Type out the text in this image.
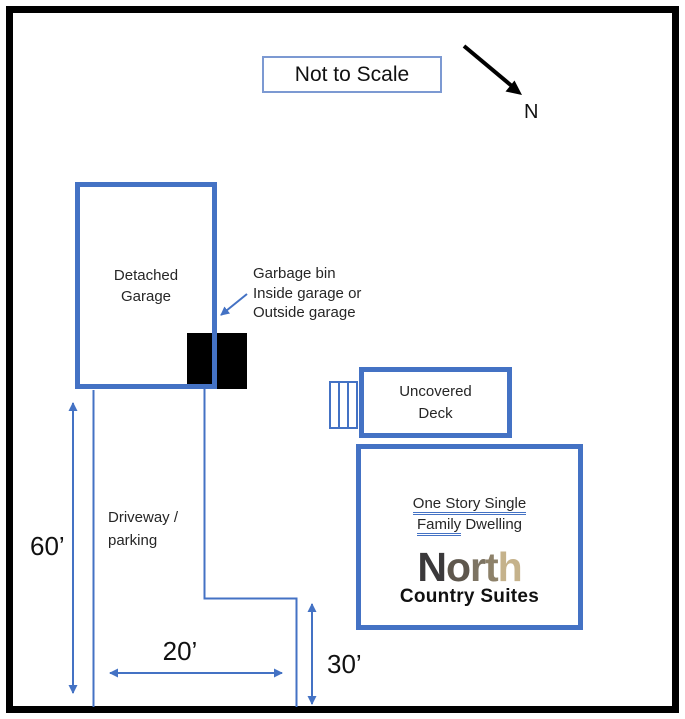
Not to Scale
N
Detached
Garage
Uncovered
Deck
One Story Single
Family Dwelling
North
Country Suites
Garbage bin
Inside garage or
Outside garage
Driveway /
parking
60’
20’	30’
